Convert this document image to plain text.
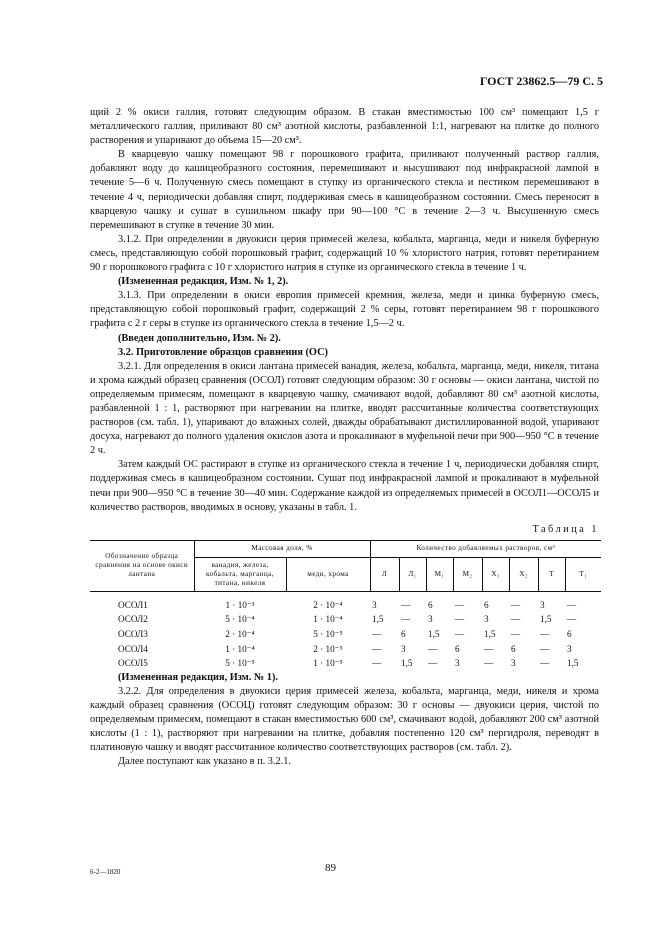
ГОСТ 23862.5—79 С. 5

щий 2 % окиси галлия, готовят следующим образом. В стакан вместимостью 100 см³ помещают 1,5 г металлического галлия, приливают 80 см³ азотной кислоты, разбавленной 1:1, нагревают на плитке до полного растворения и упаривают до объема 15—20 см³.

В кварцевую чашку помещают 98 г порошкового графита, приливают полученный раствор галлия, добавляют воду до кашицеобразного состояния, перемешивают и высушивают под инфракрасной лампой в течение 5—6 ч. Полученную смесь помещают в ступку из органического стекла и пестиком перемешивают в течение 4 ч, периодически добавляя спирт, поддерживая смесь в кашицеобразном состоянии. Смесь переносят в кварцевую чашку и сушат в сушильном шкафу при 90—100 °С в течение 2—3 ч. Высушенную смесь перемешивают в ступке в течение 30 мин.

3.1.2. При определении в двуокиси церия примесей железа, кобальта, марганца, меди и никеля буферную смесь, представляющую собой порошковый графит, содержащий 10 % хлористого натрия, готовят перетиранием 90 г порошкового графита с 10 г хлористого натрия в ступке из органического стекла в течение 1 ч.

(Измененная редакция, Изм. № 1, 2).

3.1.3. При определении в окиси европия примесей кремния, железа, меди и цинка буферную смесь, представляющую собой порошковый графит, содержащий 2 % серы, готовят перетиранием 98 г порошкового графита с 2 г серы в ступке из органического стекла в течение 1,5—2 ч.

(Введен дополнительно, Изм. № 2).

3.2. Приготовление образцов сравнения (ОС)

3.2.1. Для определения в окиси лантана примесей ванадия, железа, кобальта, марганца, меди, никеля, титана и хрома каждый образец сравнения (ОСОЛ) готовят следующим образом: 30 г основы — окиси лантана, чистой по определяемым примесям, помещают в кварцевую чашку, смачивают водой, добавляют 80 см³ азотной кислоты, разбавленной 1 : 1, растворяют при нагревании на плитке, вводят рассчитанные количества соответствующих растворов (см. табл. 1), упаривают до влажных солей, дважды обрабатывают дистиллированной водой, упаривают досуха, нагревают до полного удаления окислов азота и прокаливают в муфельной печи при 900—950 °С в течение 2 ч.

Затем каждый ОС растирают в ступке из органического стекла в течение 1 ч, периодически добавляя спирт, поддерживая смесь в кашицеобразном состоянии. Сушат под инфракрасной лампой и прокаливают в муфельной печи при 900—950 °С в течение 30—40 мин. Содержание каждой из определяемых примесей в ОСОЛ1—ОСОЛ5 и количество растворов, вводимых в основу, указаны в табл. 1.

Таблица 1
Обозначение образца сравнения на основе окиси лантана	Массовая доля, %		Количество добавляемых растворов, см³							
	ванадия, железа, кобальта, марганца, титана, никеля	меди, хрома	Л	Л₁	М₁	М₂	Х₁	Х₂	Т	Т₁

ОСОЛ1	1 · 10⁻³	2 · 10⁻⁴	3	—	6	—	6	—	3	—
ОСОЛ2	5 · 10⁻⁴	1 · 10⁻⁴	1,5	—	3	—	3	—	1,5	—
ОСОЛ3	2 · 10⁻⁴	5 · 10⁻⁵	—	6	1,5	—	1,5	—	—	6
ОСОЛ4	1 · 10⁻⁴	2 · 10⁻⁵	—	3	—	6	—	6	—	3
ОСОЛ5	5 · 10⁻⁵	1 · 10⁻⁵	—	1,5	—	3	—	3	—	1,5

(Измененная редакция, Изм. № 1).

3.2.2. Для определения в двуокиси церия примесей железа, кобальта, марганца, меди, никеля и хрома каждый образец сравнения (ОСОЦ) готовят следующим образом: 30 г основы — двуокиси церия, чистой по определяемым примесям, помещают в стакан вместимостью 600 см³, смачивают водой, добавляют 200 см³ азотной кислоты (1 : 1), растворяют при нагревании на плитке, добавляя постепенно 120 см³ пергидроля, переводят в платиновую чашку и вводят рассчитанное количество соответствующих растворов (см. табл. 2).

Далее поступают как указано в п. 3.2.1.

6-2—1820	89
